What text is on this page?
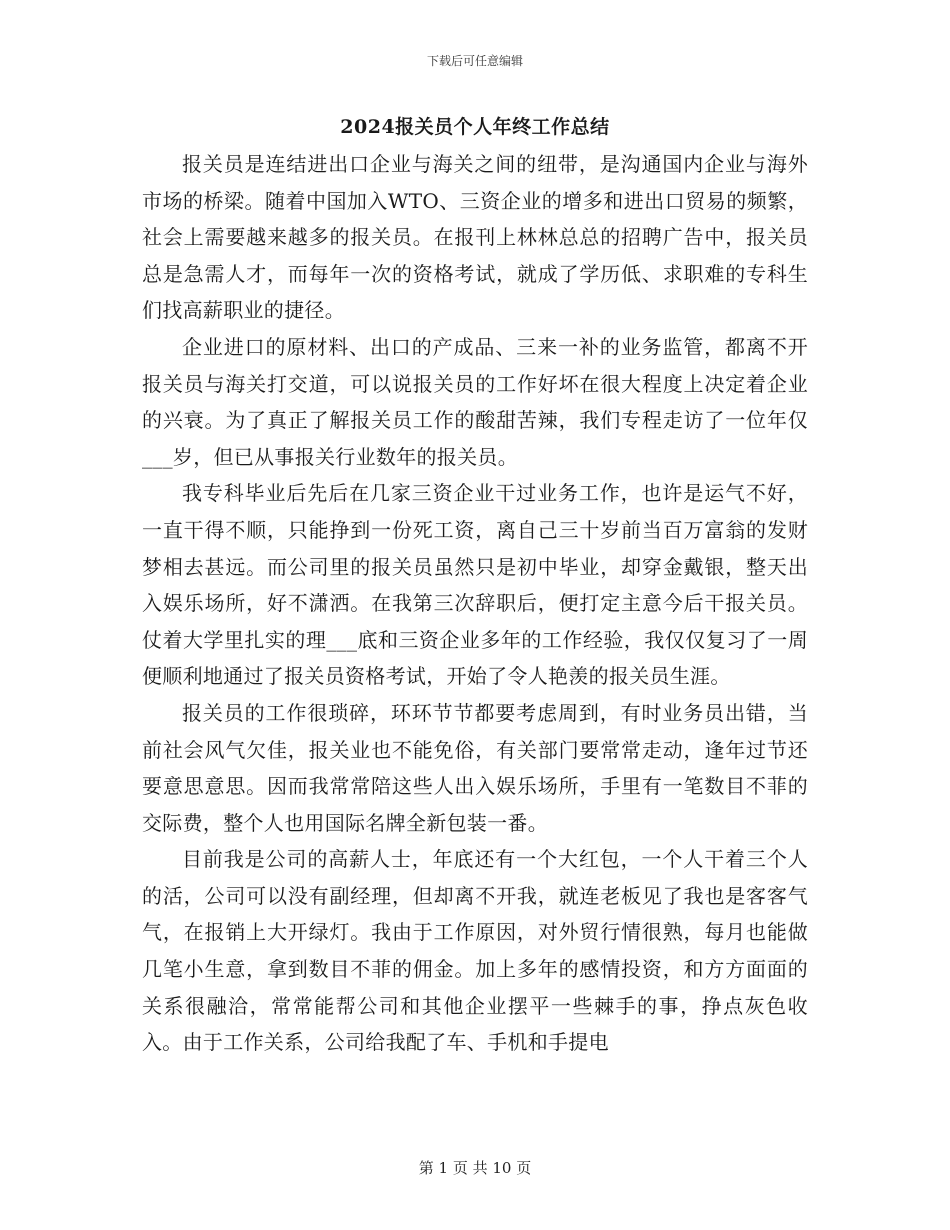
下载后可任意编辑
2024报关员个人年终工作总结

报关员是连结进出口企业与海关之间的纽带，是沟通国内企业与海外市场的桥梁。随着中国加入WTO、三资企业的增多和进出口贸易的频繁，社会上需要越来越多的报关员。在报刊上林林总总的招聘广告中，报关员总是急需人才，而每年一次的资格考试，就成了学历低、求职难的专科生们找高薪职业的捷径。

企业进口的原材料、出口的产成品、三来一补的业务监管，都离不开报关员与海关打交道，可以说报关员的工作好坏在很大程度上决定着企业的兴衰。为了真正了解报关员工作的酸甜苦辣，我们专程走访了一位年仅___岁，但已从事报关行业数年的报关员。

我专科毕业后先后在几家三资企业干过业务工作，也许是运气不好，一直干得不顺，只能挣到一份死工资，离自己三十岁前当百万富翁的发财梦相去甚远。而公司里的报关员虽然只是初中毕业，却穿金戴银，整天出入娱乐场所，好不潇洒。在我第三次辞职后，便打定主意今后干报关员。仗着大学里扎实的理___底和三资企业多年的工作经验，我仅仅复习了一周便顺利地通过了报关员资格考试，开始了令人艳羡的报关员生涯。

报关员的工作很琐碎，环环节节都要考虑周到，有时业务员出错，当前社会风气欠佳，报关业也不能免俗，有关部门要常常走动，逢年过节还要意思意思。因而我常常陪这些人出入娱乐场所，手里有一笔数目不菲的交际费，整个人也用国际名牌全新包装一番。

目前我是公司的高薪人士，年底还有一个大红包，一个人干着三个人的活，公司可以没有副经理，但却离不开我，就连老板见了我也是客客气气，在报销上大开绿灯。我由于工作原因，对外贸行情很熟，每月也能做几笔小生意，拿到数目不菲的佣金。加上多年的感情投资，和方方面面的关系很融洽，常常能帮公司和其他企业摆平一些棘手的事，挣点灰色收入。由于工作关系，公司给我配了车、手机和手提电

第 1 页 共 10 页
